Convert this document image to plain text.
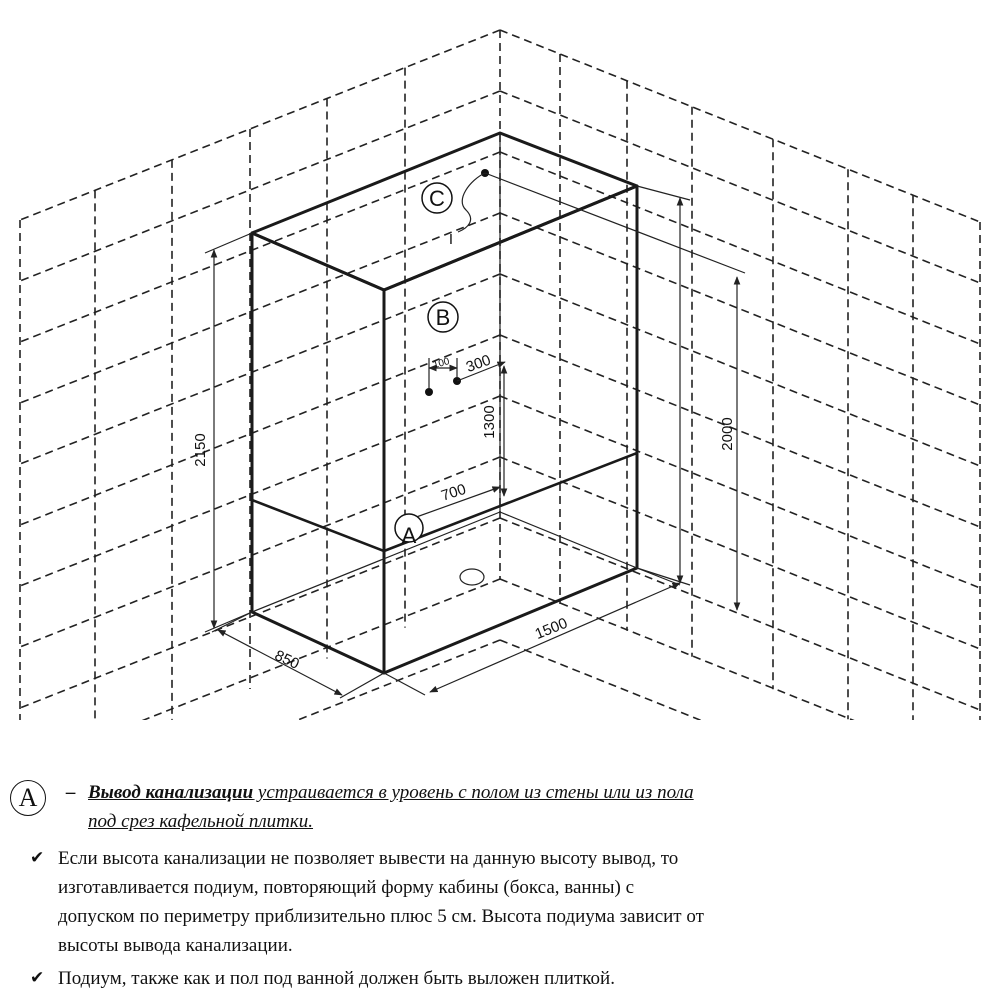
C
I
B
100 300
1300
700
A
2150	2000
850
1500
A	– Вывод канализации устраивается в уровень с полом из стены или из пола
под срез кафельной плитки.
✔ Если высота канализации не позволяет вывести на данную высоту вывод, то
изготавливается подиум, повторяющий форму кабины (бокса, ванны) с
допуском по периметру приблизительно плюс 5 см. Высота подиума зависит от
высоты вывода канализации.
✔ Подиум, также как и пол под ванной должен быть выложен плиткой.
